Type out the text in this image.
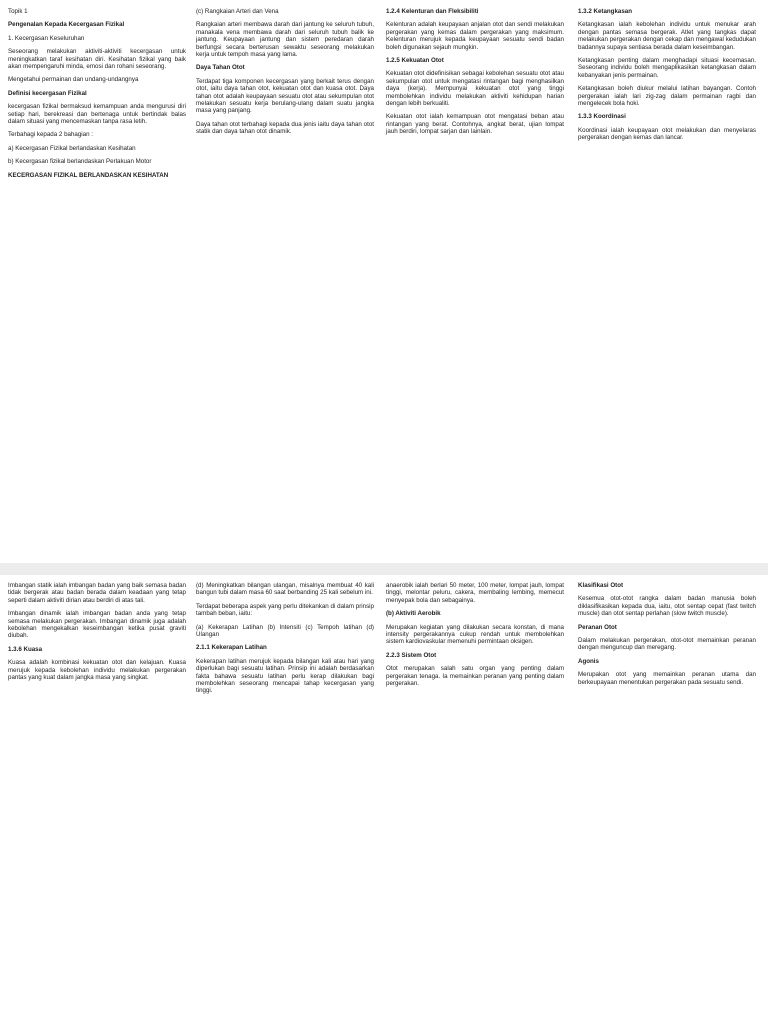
Topik 1

Pengenalan Kepada Kecergasan Fizikal

1. Kecergasan Keseluruhan

Seseorang melakukan aktiviti-aktiviti kecergasan untuk meningkatkan taraf kesihatan diri. Kesihatan fizikal yang baik akan mempengaruhi minda, emosi dan rohani seseorang.

Mengetahui permainan dan undang-undangnya

Definisi kecergasan Fizikal

kecergasan fizikal bermaksud kemampuan anda mengurusi diri setiap hari, berekreasi dan bertenaga untuk bertindak balas dalam situasi yang mencemaskan tanpa rasa letih.

Terbahagi kepada 2 bahagian :

a) Kecergasan Fizikal berlandaskan Kesihatan

b) Kecergasan fizikal berlandaskan Perlakuan Motor

KECERGASAN FIZIKAL BERLANDASKAN KESIHATAN

(c) Rangkaian Arteri dan Vena

Rangkaian arteri membawa darah dari jantung ke seluruh tubuh, manakala vena membawa darah dari seluruh tubuh balik ke jantung. Keupayaan jantung dan sistem peredaran darah berfungsi secara berterusan sewaktu seseorang melakukan kerja untuk tempoh masa yang lama.

Daya Tahan Otot

Terdapat tiga komponen kecergasan yang berkait terus dengan otot, iaitu daya tahan otot, kekuatan otot dan kuasa otot. Daya tahan otot adalah keupayaan sesuatu otot atau sekumpulan otot melakukan sesuatu kerja berulang-ulang dalam suatu jangka masa yang panjang.

Daya tahan otot terbahagi kepada dua jenis iaitu daya tahan otot statik dan daya tahan otot dinamik.

1.2.4 Kelenturan dan Fleksibiliti

Kelenturan adalah keupayaan anjalan otot dan sendi melakukan pergerakan yang kemas dalam pergerakan yang maksimum. Kelenturan merujuk kepada keupayaan sesuatu sendi badan boleh digunakan sejauh mungkin.

1.2.5 Kekuatan Otot

Kekuatan otot didefinisikan sebagai kebolehan sesuatu otot atau sekumpulan otot untuk mengatasi rintangan bagi menghasilkan daya (kerja). Mempunyai kekuatan otot yang tinggi membolehkan individu melakukan aktiviti kehidupan harian dengan lebih berkualiti.

Kekuatan otot ialah kemampuan otot mengatasi beban atau rintangan yang berat. Contohnya, angkat berat, ujian lompat jauh berdiri, lompat sarjan dan lainlain.

1.3.2 Ketangkasan

Ketangkasan ialah kebolehan individu untuk menukar arah dengan pantas semasa bergerak. Atlet yang tangkas dapat melakukan pergerakan dengan cekap dan mengawal kedudukan badannya supaya sentiasa berada dalam keseimbangan.

Ketangkasan penting dalam menghadapi situasi kecemasan. Seseorang individu boleh mengaplikasikan ketangkasan dalam kebanyakan jenis permainan.

Ketangkasan boleh diukur melalui latihan bayangan. Contoh pergerakan ialah lari zig-zag dalam permainan ragbi dan mengelecek bola hoki.

1.3.3 Koordinasi

Koordinasi ialah keupayaan otot melakukan dan menyelaras pergerakan dengan kemas dan lancar.

Imbangan statik ialah imbangan badan yang baik semasa badan tidak bergerak atau badan berada dalam keadaan yang tetap seperti dalam aktiviti dirian atau berdiri di atas tali.

Imbangan dinamik ialah imbangan badan anda yang tetap semasa melakukan pergerakan. Imbangan dinamik juga adalah kebolehan mengekalkan keseimbangan ketika pusat graviti diubah.

1.3.6 Kuasa

Kuasa adalah kombinasi kekuatan otot dan kelajuan. Kuasa merujuk kepada kebolehan individu melakukan pergerakan pantas yang kuat dalam jangka masa yang singkat.

(d) Meningkatkan bilangan ulangan, misalnya membuat 40 kali bangun tubi dalam masa 60 saat berbanding 25 kali sebelum ini.

Terdapat beberapa aspek yang perlu ditekankan di dalam prinsip tambah beban, iaitu:

(a) Kekerapan Latihan (b) Intensiti (c) Tempoh latihan (d) Ulangan

2.1.1 Kekerapan Latihan

Kekerapan latihan merujuk kepada bilangan kali atau hari yang diperlukan bagi sesuatu latihan. Prinsip ini adalah berdasarkan fakta bahawa sesuatu latihan perlu kerap dilakukan bagi membolehkan seseorang mencapai tahap kecergasan yang tinggi.

anaerobik ialah berlari 50 meter, 100 meter, lompat jauh, lompat tinggi, melontar peluru, cakera, membaling lembing, memecut menyepak bola dan sebagainya.

(b) Aktiviti Aerobik

Merupakan kegiatan yang dilakukan secara konstan, di mana intensity pergerakannya cukup rendah untuk membolehkan sistem kardiovaskular memenuhi permintaan oksigen.

2.2.3 Sistem Otot

Otot merupakan salah satu organ yang penting dalam pergerakan tenaga. Ia memainkan peranan yang penting dalam pergerakan.

Klasifikasi Otot

Kesemua otot-otot rangka dalam badan manusia boleh diklasifikasikan kepada dua, iaitu, otot sentap cepat (fast twitch muscle) dan otot sentap perlahan (slow twitch muscle).

Peranan Otot

Dalam melakukan pergerakan, otot-otot memainkan peranan dengan menguncup dan meregang.

Agonis

Merupakan otot yang memainkan peranan utama dan berkeupayaan menentukan pergerakan pada sesuatu sendi.
